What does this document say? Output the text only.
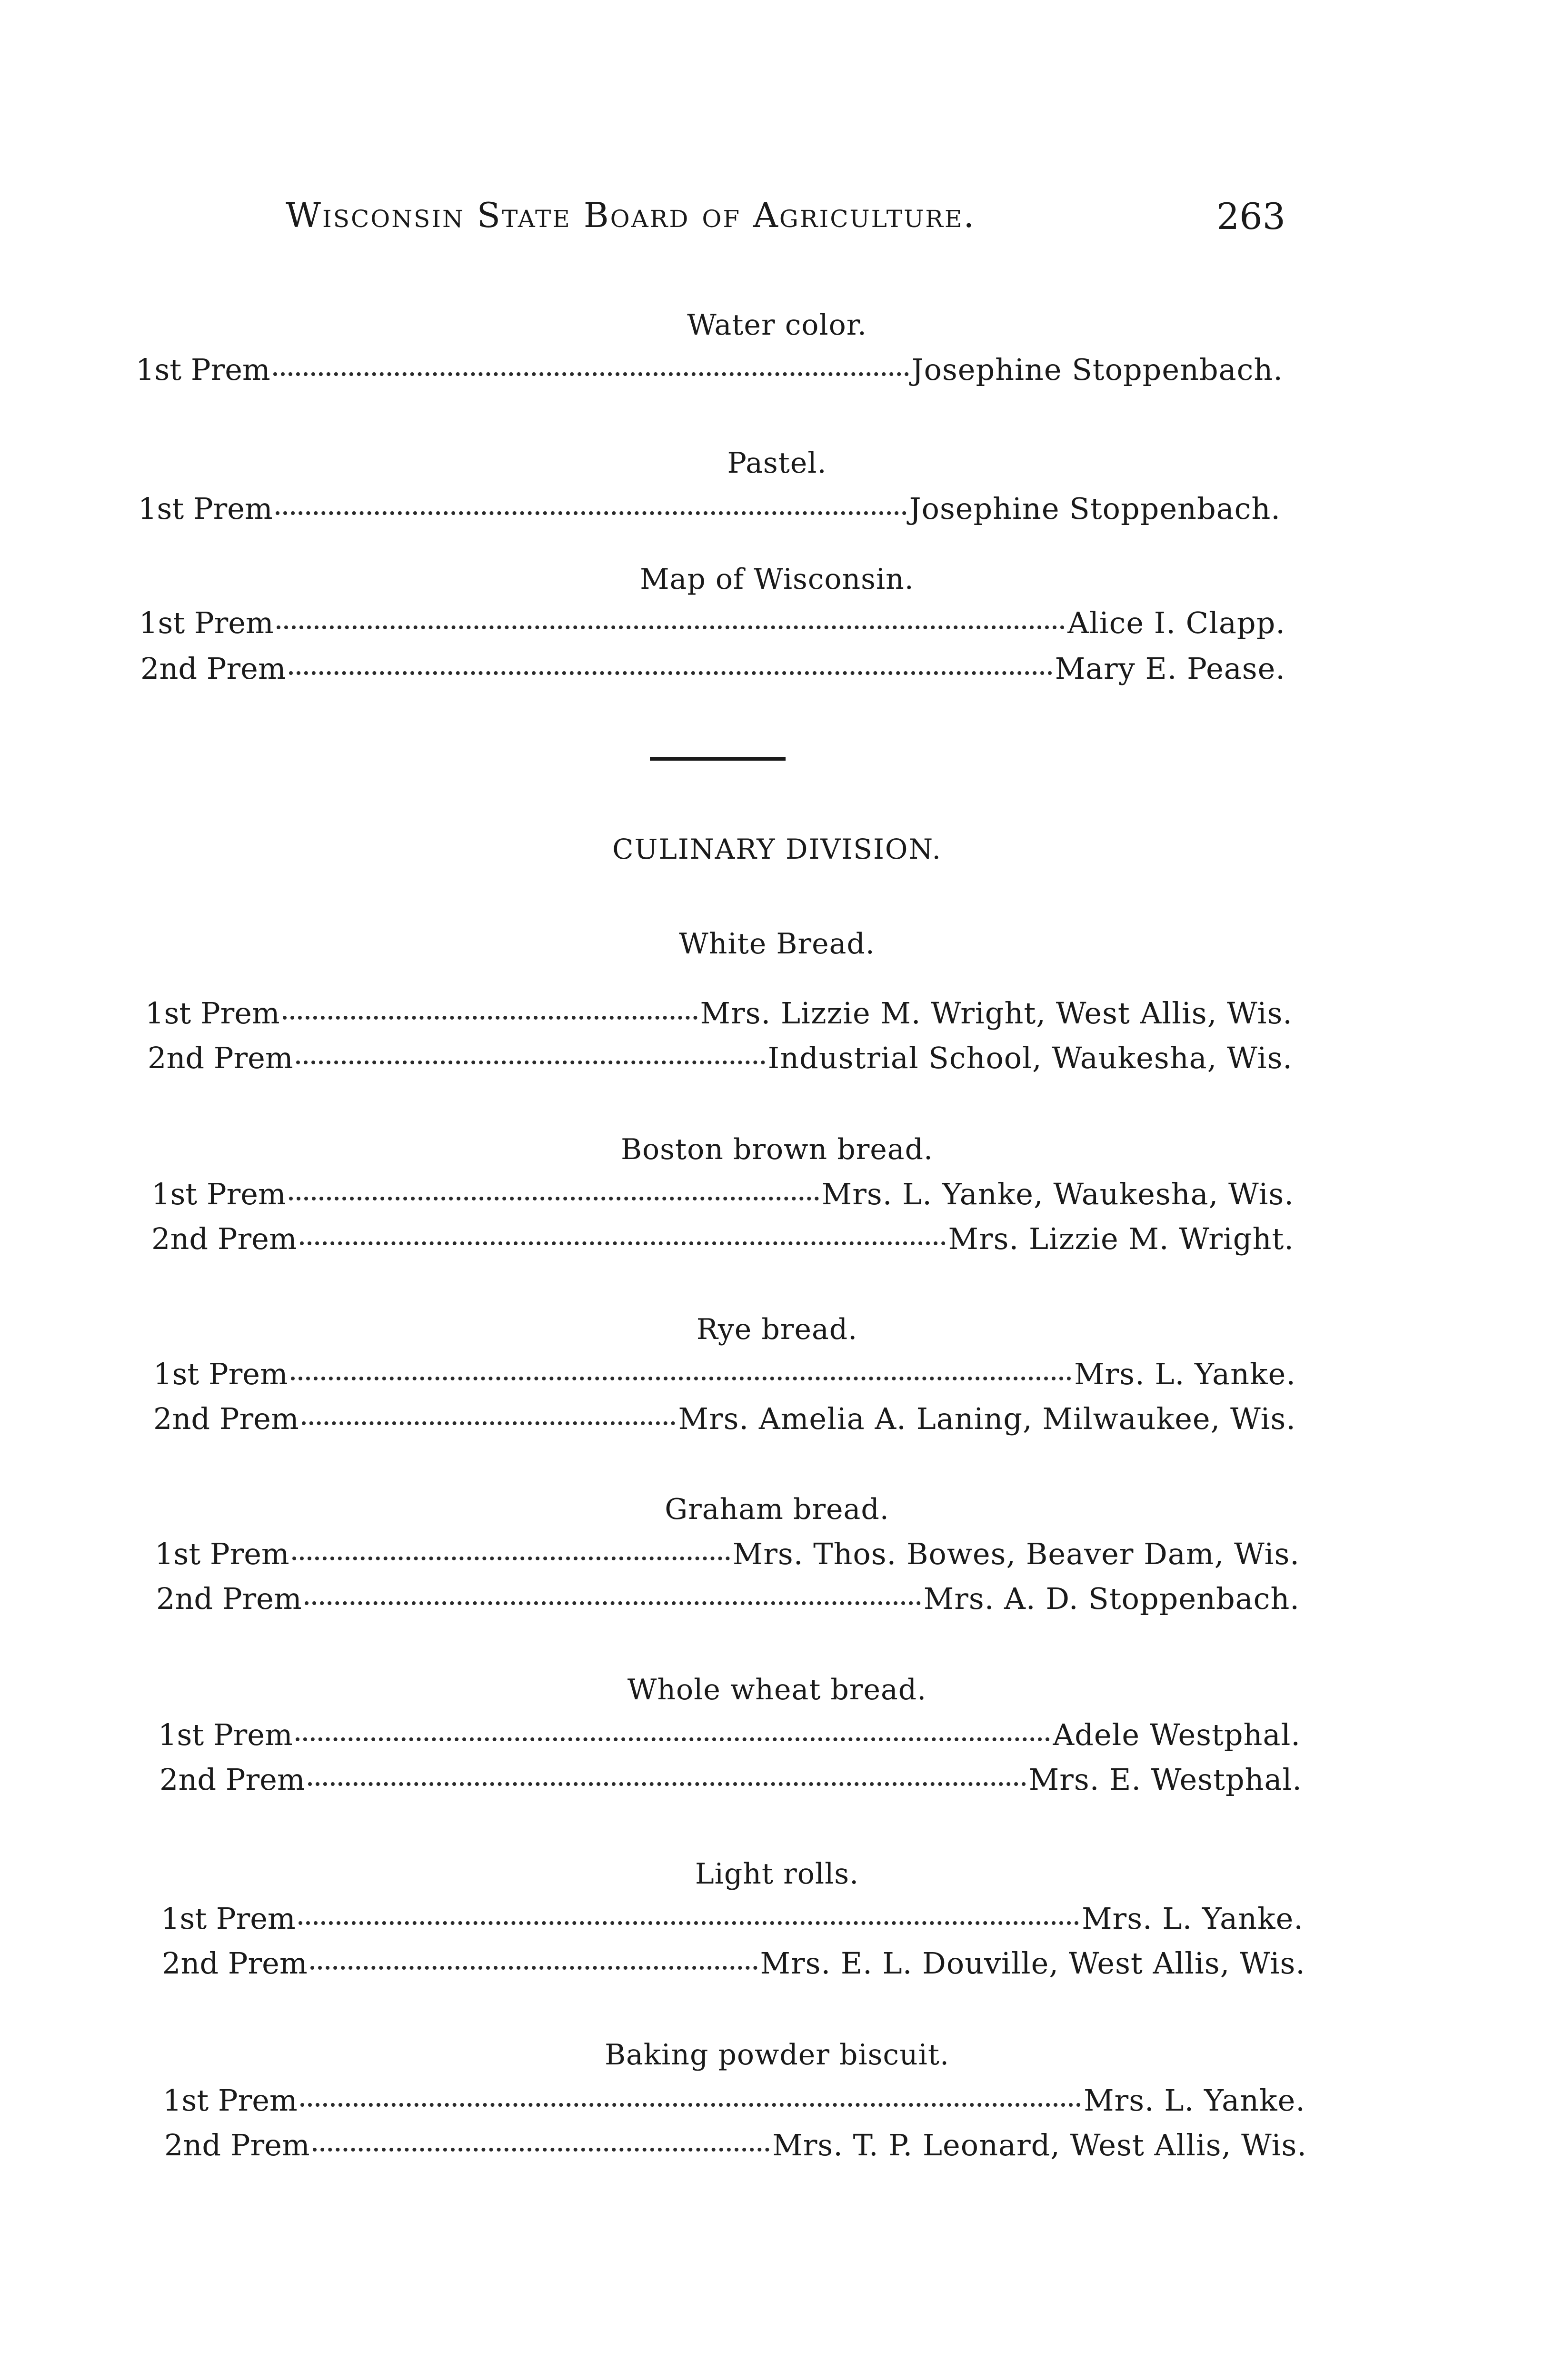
Wisconsin State Board of Agriculture.	263
Water color.
1st Prem	Josephine Stoppenbach.
Pastel.
1st Prem	Josephine Stoppenbach.
Map of Wisconsin.
1st Prem	Alice I. Clapp.
2nd Prem	Mary E. Pease.
CULINARY DIVISION.
White Bread.
1st Prem	Mrs. Lizzie M. Wright, West Allis, Wis.
2nd Prem	Industrial School, Waukesha, Wis.
Boston brown bread.
1st Prem	Mrs. L. Yanke, Waukesha, Wis.
2nd Prem	Mrs. Lizzie M. Wright.
Rye bread.
1st Prem	Mrs. L. Yanke.
2nd Prem	Mrs. Amelia A. Laning, Milwaukee, Wis.
Graham bread.
1st Prem	Mrs. Thos. Bowes, Beaver Dam, Wis.
2nd Prem	Mrs. A. D. Stoppenbach.
Whole wheat bread.
1st Prem	Adele Westphal.
2nd Prem	Mrs. E. Westphal.
Light rolls.
1st Prem	Mrs. L. Yanke.
2nd Prem	Mrs. E. L. Douville, West Allis, Wis.
Baking powder biscuit.
1st Prem	Mrs. L. Yanke.
2nd Prem	Mrs. T. P. Leonard, West Allis, Wis.
